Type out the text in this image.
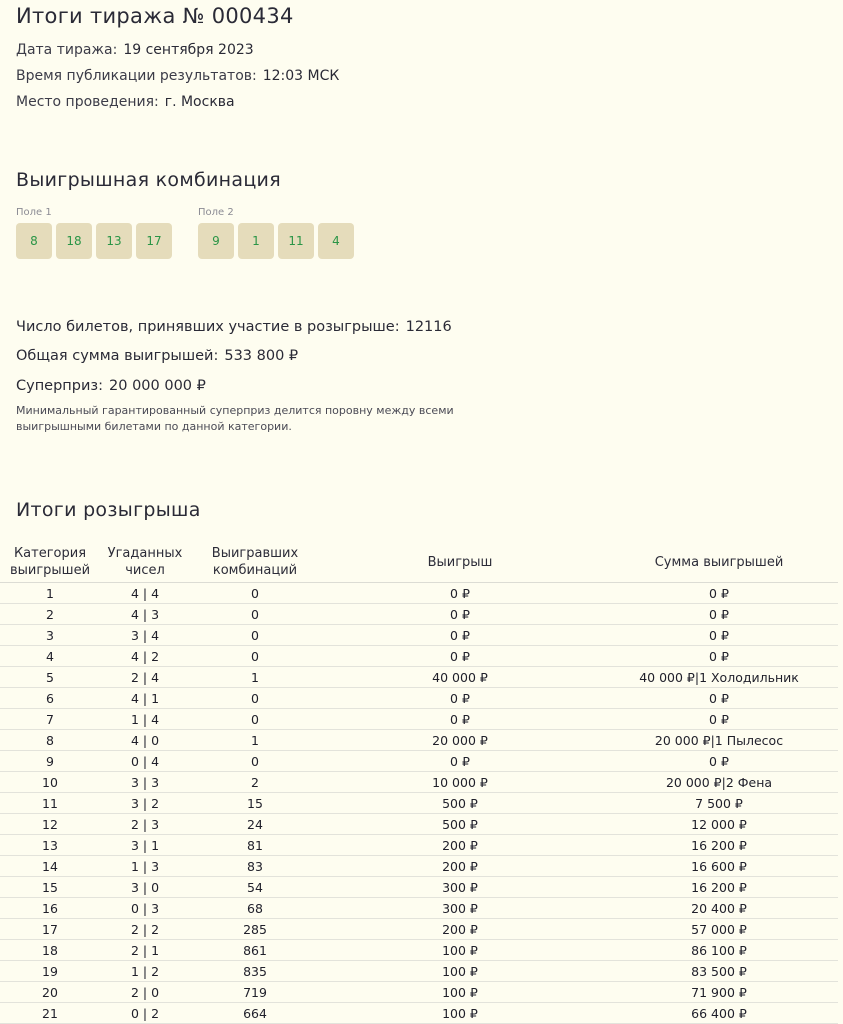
Итоги тиража № 000434
Дата тиража: 19 сентября 2023
Время публикации результатов: 12:03 МСК
Место проведения: г. Москва
Выигрышная комбинация
Поле 1
8	18	13	17
Поле 2
9	1	11	4
Число билетов, принявших участие в розыгрыше: 12116
Общая сумма выигрышей: 533 800 ₽
Суперприз: 20 000 000 ₽
Минимальный гарантированный суперприз делится поровну между всеми выигрышными билетами по данной категории.
Итоги розыгрыша
Категория выигрышей	Угаданных чисел	Выигравших комбинаций	Выигрыш	Сумма выигрышей
1	4 | 4	0	0 ₽	0 ₽
2	4 | 3	0	0 ₽	0 ₽
3	3 | 4	0	0 ₽	0 ₽
4	4 | 2	0	0 ₽	0 ₽
5	2 | 4	1	40 000 ₽	40 000 ₽|1 Холодильник
6	4 | 1	0	0 ₽	0 ₽
7	1 | 4	0	0 ₽	0 ₽
8	4 | 0	1	20 000 ₽	20 000 ₽|1 Пылесос
9	0 | 4	0	0 ₽	0 ₽
10	3 | 3	2	10 000 ₽	20 000 ₽|2 Фена
11	3 | 2	15	500 ₽	7 500 ₽
12	2 | 3	24	500 ₽	12 000 ₽
13	3 | 1	81	200 ₽	16 200 ₽
14	1 | 3	83	200 ₽	16 600 ₽
15	3 | 0	54	300 ₽	16 200 ₽
16	0 | 3	68	300 ₽	20 400 ₽
17	2 | 2	285	200 ₽	57 000 ₽
18	2 | 1	861	100 ₽	86 100 ₽
19	1 | 2	835	100 ₽	83 500 ₽
20	2 | 0	719	100 ₽	71 900 ₽
21	0 | 2	664	100 ₽	66 400 ₽
